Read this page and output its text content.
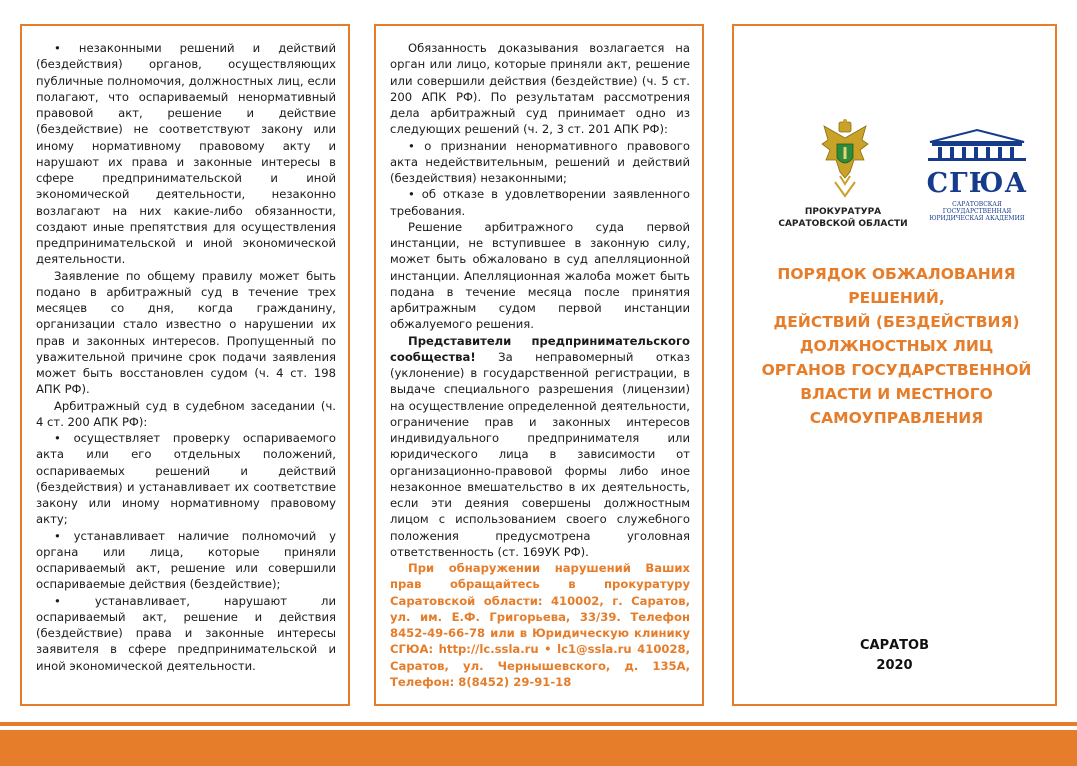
• незаконными решений и действий (бездействия) органов, осуществляющих публичные полномочия, должностных лиц, если полагают, что оспариваемый ненормативный правовой акт, решение и действие (бездействие) не соответствуют закону или иному нормативному правовому акту и нарушают их права и законные интересы в сфере предпринимательской и иной экономической деятельности, незаконно возлагают на них какие-либо обязанности, создают иные препятствия для осуществления предпринимательской и иной экономической деятельности.

Заявление по общему правилу может быть подано в арбитражный суд в течение трех месяцев со дня, когда гражданину, организации стало известно о нарушении их прав и законных интересов. Пропущенный по уважительной причине срок подачи заявления может быть восстановлен судом (ч. 4 ст. 198 АПК РФ).

Арбитражный суд в судебном заседании (ч. 4 ст. 200 АПК РФ):

• осуществляет проверку оспариваемого акта или его отдельных положений, оспариваемых решений и действий (бездействия) и устанавливает их соответствие закону или иному нормативному правовому акту;

• устанавливает наличие полномочий у органа или лица, которые приняли оспариваемый акт, решение или совершили оспариваемые действия (бездействие);

• устанавливает, нарушают ли оспариваемый акт, решение и действия (бездействие) права и законные интересы заявителя в сфере предпринимательской и иной экономической деятельности.

Обязанность доказывания возлагается на орган или лицо, которые приняли акт, решение или совершили действия (бездействие) (ч. 5 ст. 200 АПК РФ). По результатам рассмотрения дела арбитражный суд принимает одно из следующих решений (ч. 2, 3 ст. 201 АПК РФ):

• о признании ненормативного правового акта недействительным, решений и действий (бездействия) незаконными;

• об отказе в удовлетворении заявленного требования.

Решение арбитражного суда первой инстанции, не вступившее в законную силу, может быть обжаловано в суд апелляционной инстанции. Апелляционная жалоба может быть подана в течение месяца после принятия арбитражным судом первой инстанции обжалуемого решения.

Представители предпринимательского сообщества! За неправомерный отказ (уклонение) в государственной регистрации, в выдаче специального разрешения (лицензии) на осуществление определенной деятельности, ограничение прав и законных интересов индивидуального предпринимателя или юридического лица в зависимости от организационно-правовой формы либо иное незаконное вмешательство в их деятельность, если эти деяния совершены должностным лицом с использованием своего служебного положения предусмотрена уголовная ответственность (ст. 169УК РФ).

При обнаружении нарушений Ваших прав обращайтесь в прокуратуру Саратовской области: 410002, г. Саратов, ул. им. Е.Ф. Григорьева, 33/39. Телефон 8452-49-66-78 или в Юридическую клинику СГЮА: http://lc.ssla.ru • lc1@ssla.ru 410028, Саратов, ул. Чернышевского, д. 135А, Телефон: 8(8452) 29-91-18

ПРОКУРАТУРА
САРАТОВСКОЙ ОБЛАСТИ
СГЮА
САРАТОВСКАЯ ГОСУДАРСТВЕННАЯ
ЮРИДИЧЕСКАЯ АКАДЕМИЯ
ПОРЯДОК ОБЖАЛОВАНИЯ
РЕШЕНИЙ,
ДЕЙСТВИЙ (БЕЗДЕЙСТВИЯ)
ДОЛЖНОСТНЫХ ЛИЦ
ОРГАНОВ ГОСУДАРСТВЕННОЙ
ВЛАСТИ И МЕСТНОГО
САМОУПРАВЛЕНИЯ
САРАТОВ
2020
